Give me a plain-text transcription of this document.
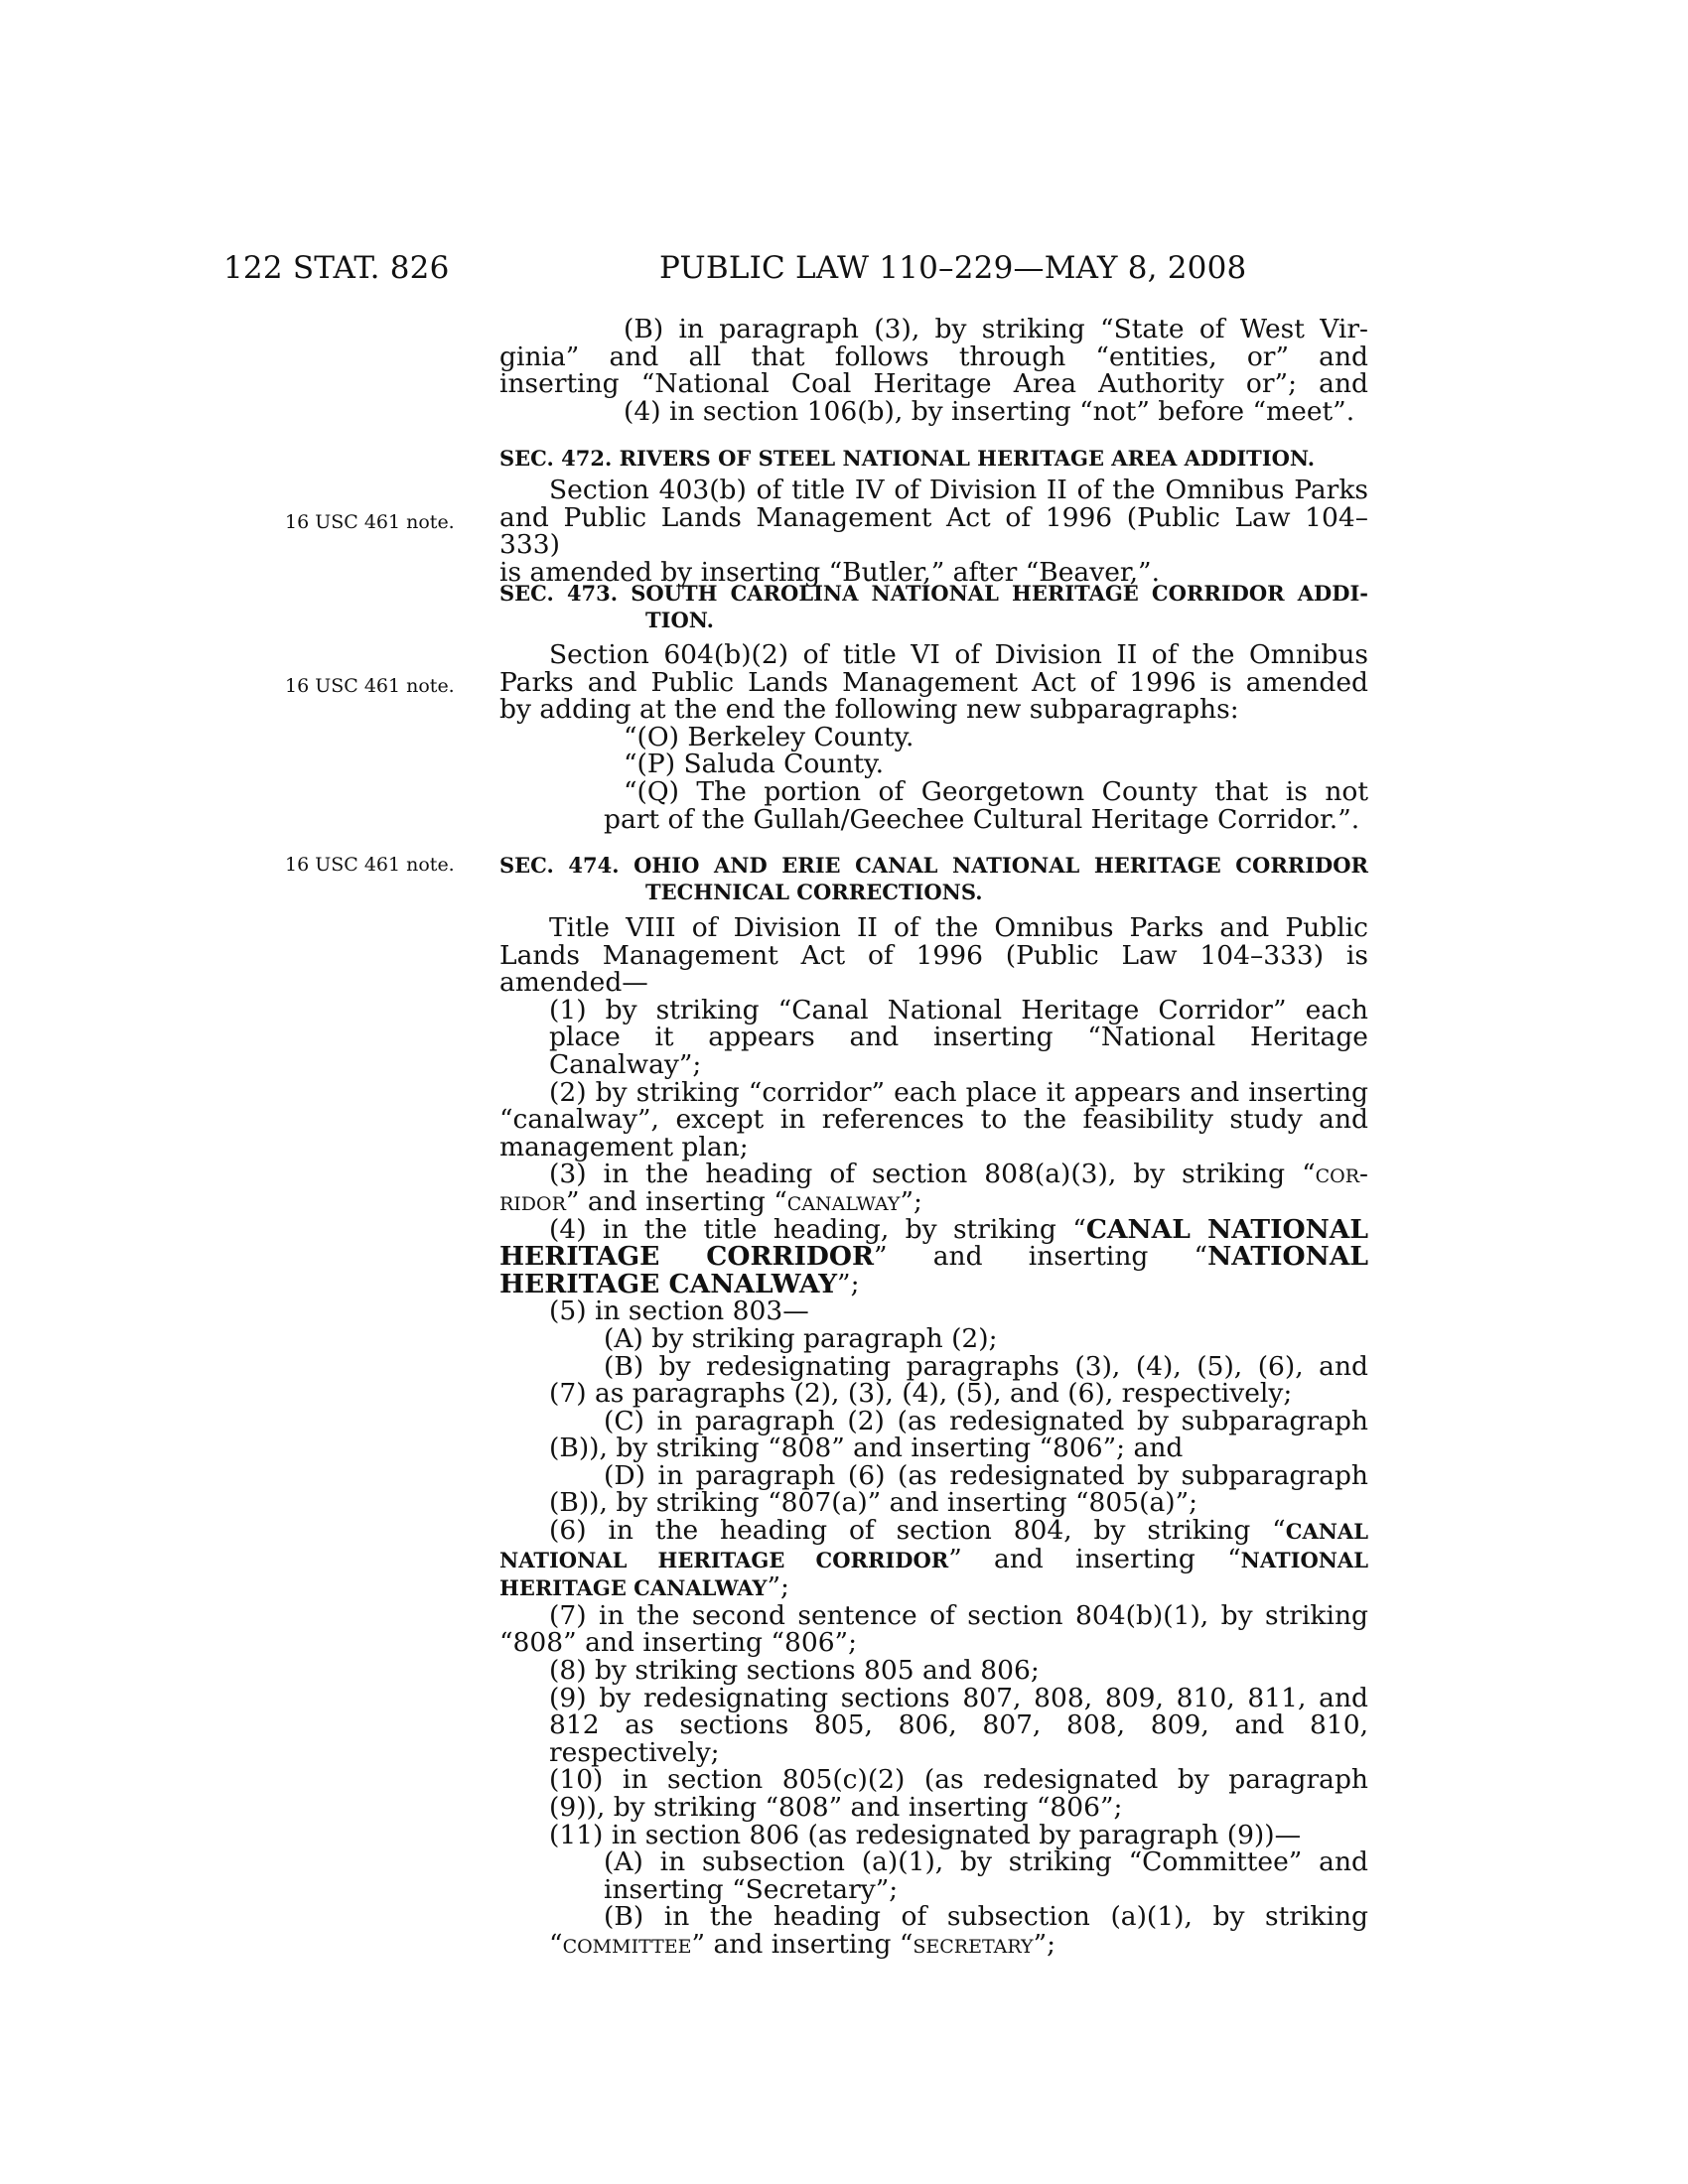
122 STAT. 826	PUBLIC LAW 110–229—MAY 8, 2008
16 USC 461 note.
16 USC 461 note.
16 USC 461 note.

(B) in paragraph (3), by striking “State of West Vir-

ginia” and all that follows through “entities, or” and

inserting “National Coal Heritage Area Authority or”; and

(4) in section 106(b), by inserting “not” before “meet”.

SEC. 472. RIVERS OF STEEL NATIONAL HERITAGE AREA ADDITION.

Section 403(b) of title IV of Division II of the Omnibus Parks

and Public Lands Management Act of 1996 (Public Law 104–333)

is amended by inserting “Butler,” after “Beaver,”.

SEC. 473. SOUTH CAROLINA NATIONAL HERITAGE CORRIDOR ADDI-

TION.

Section 604(b)(2) of title VI of Division II of the Omnibus

Parks and Public Lands Management Act of 1996 is amended

by adding at the end the following new subparagraphs:

“(O) Berkeley County.

“(P) Saluda County.

“(Q) The portion of Georgetown County that is not

part of the Gullah/Geechee Cultural Heritage Corridor.”.

SEC. 474. OHIO AND ERIE CANAL NATIONAL HERITAGE CORRIDOR

TECHNICAL CORRECTIONS.

Title VIII of Division II of the Omnibus Parks and Public

Lands Management Act of 1996 (Public Law 104–333) is amended—

(1) by striking “Canal National Heritage Corridor” each

place it appears and inserting “National Heritage Canalway”;

(2) by striking “corridor” each place it appears and inserting

“canalway”, except in references to the feasibility study and

management plan;

(3) in the heading of section 808(a)(3), by striking “cor-

ridor” and inserting “canalway”;

(4) in the title heading, by striking “CANAL NATIONAL

HERITAGE CORRIDOR” and inserting “NATIONAL

HERITAGE CANALWAY”;

(5) in section 803—

(A) by striking paragraph (2);

(B) by redesignating paragraphs (3), (4), (5), (6), and

(7) as paragraphs (2), (3), (4), (5), and (6), respectively;

(C) in paragraph (2) (as redesignated by subparagraph

(B)), by striking “808” and inserting “806”; and

(D) in paragraph (6) (as redesignated by subparagraph

(B)), by striking “807(a)” and inserting “805(a)”;

(6) in the heading of section 804, by striking “CANAL

NATIONAL HERITAGE CORRIDOR” and inserting “NATIONAL

HERITAGE CANALWAY”;

(7) in the second sentence of section 804(b)(1), by striking

“808” and inserting “806”;

(8) by striking sections 805 and 806;

(9) by redesignating sections 807, 808, 809, 810, 811, and

812 as sections 805, 806, 807, 808, 809, and 810, respectively;

(10) in section 805(c)(2) (as redesignated by paragraph

(9)), by striking “808” and inserting “806”;

(11) in section 806 (as redesignated by paragraph (9))—

(A) in subsection (a)(1), by striking “Committee” and

inserting “Secretary”;

(B) in the heading of subsection (a)(1), by striking

“committee” and inserting “secretary”;
